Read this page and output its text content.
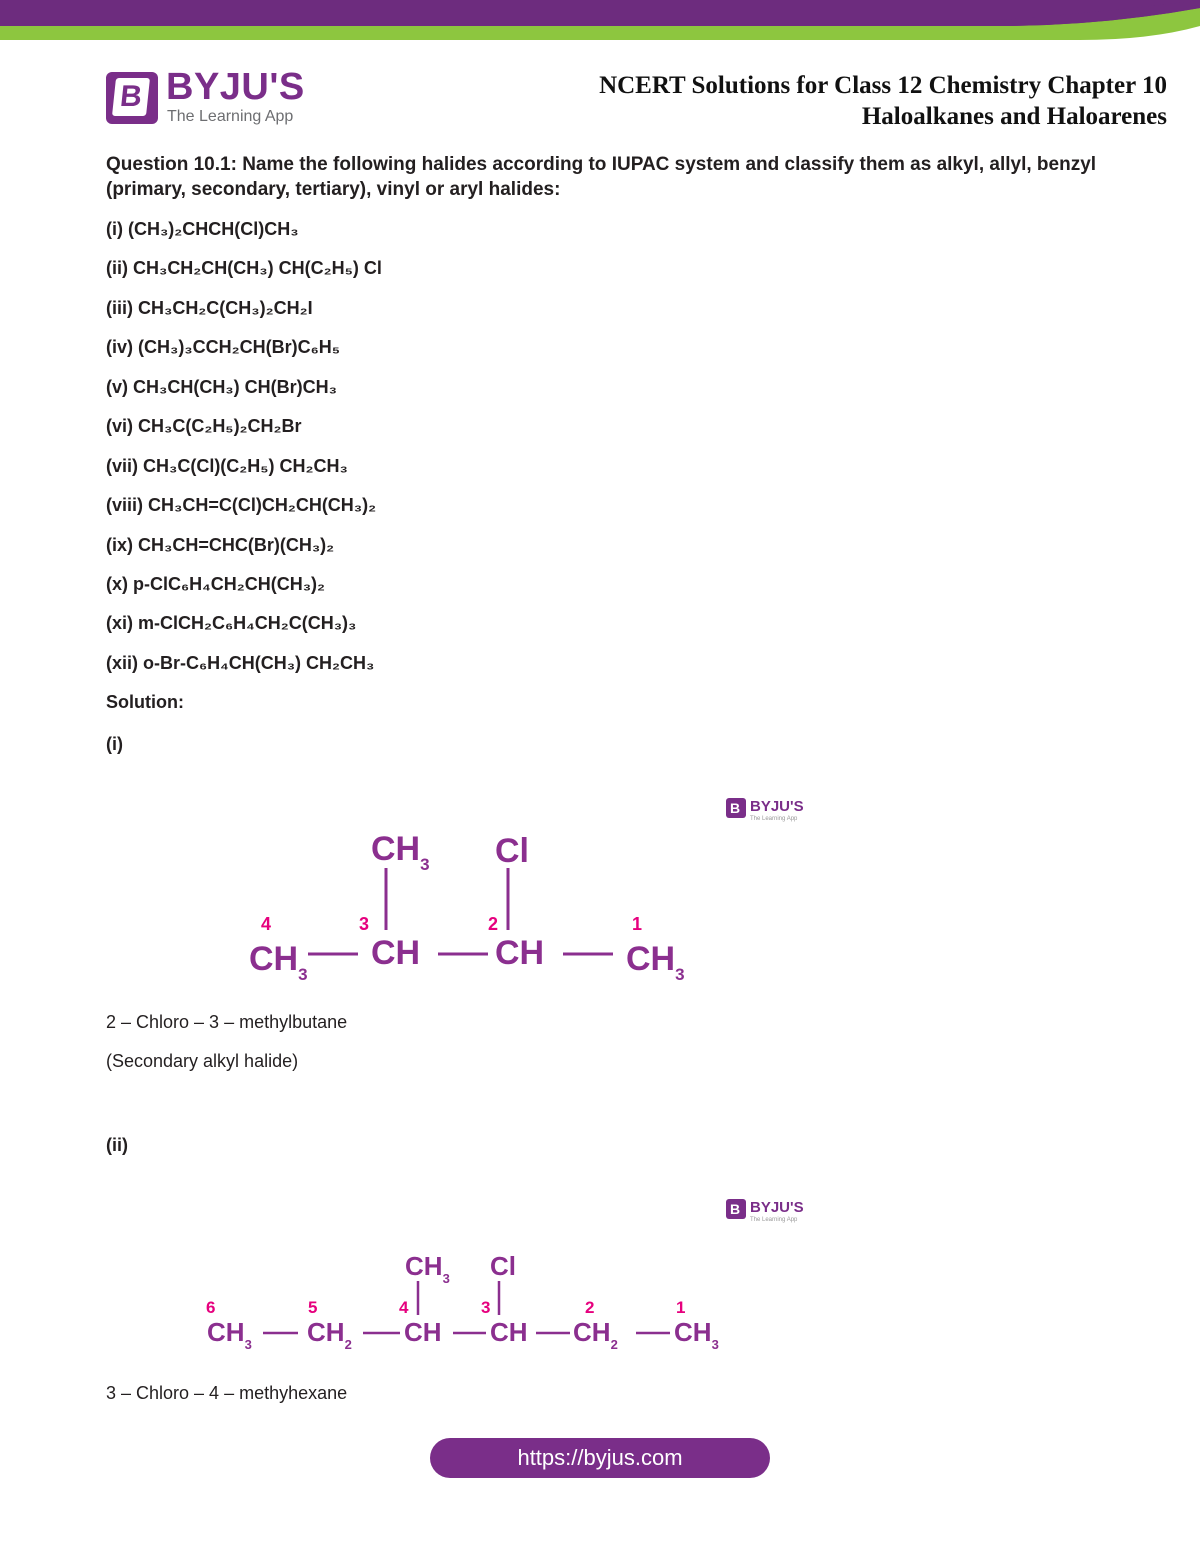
B BYJU'S
The Learning App
NCERT Solutions for Class 12 Chemistry Chapter 10
Haloalkanes and Haloarenes

Question 10.1: Name the following halides according to IUPAC system and classify them as alkyl, allyl, benzyl (primary, secondary, tertiary), vinyl or aryl halides:

(i) (CH₃)₂CHCH(Cl)CH₃
(ii) CH₃CH₂CH(CH₃) CH(C₂H₅) Cl
(iii) CH₃CH₂C(CH₃)₂CH₂I
(iv) (CH₃)₃CCH₂CH(Br)C₆H₅
(v) CH₃CH(CH₃) CH(Br)CH₃
(vi) CH₃C(C₂H₅)₂CH₂Br
(vii) CH₃C(Cl)(C₂H₅) CH₂CH₃
(viii) CH₃CH=C(Cl)CH₂CH(CH₃)₂
(ix) CH₃CH=CHC(Br)(CH₃)₂
(x) p-ClC₆H₄CH₂CH(CH₃)₂
(xi) m-ClCH₂C₆H₄CH₂C(CH₃)₃
(xii) o-Br-C₆H₄CH(CH₃) CH₂CH₃
Solution:
(i)
B BYJU'S
The Learning App
$CH_3$ Cl
$CH_3$
CH CH $CH_3$
4	3	2	1
2 – Chloro – 3 – methylbutane
(Secondary alkyl halide)
(ii)
B BYJU'S
The Learning App
$CH_3$ Cl
$CH_3$ $CH_2$ CH CH $CH_2$ $CH_3$
6	5	4	3	2	1
3 – Chloro – 4 – methyhexane
https://byjus.com
